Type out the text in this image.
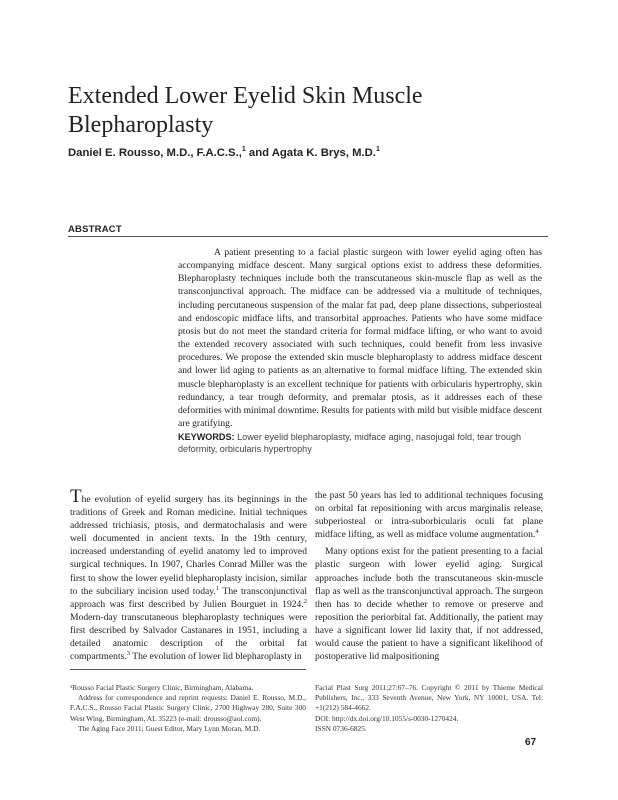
Extended Lower Eyelid Skin Muscle Blepharoplasty
Daniel E. Rousso, M.D., F.A.C.S.,$^1$ and Agata K. Brys, M.D.$^1$
ABSTRACT
A patient presenting to a facial plastic surgeon with lower eyelid aging often has accompanying midface descent. Many surgical options exist to address these deformities. Blepharoplasty techniques include both the transcutaneous skin-muscle flap as well as the transconjunctival approach. The midface can be addressed via a multitude of techniques, including percutaneous suspension of the malar fat pad, deep plane dissections, subperiosteal and endoscopic midface lifts, and transorbital approaches. Patients who have some midface ptosis but do not meet the standard criteria for formal midface lifting, or who want to avoid the extended recovery associated with such techniques, could benefit from less invasive procedures. We propose the extended skin muscle blepharoplasty to address midface descent and lower lid aging to patients as an alternative to formal midface lifting. The extended skin muscle blepharoplasty is an excellent technique for patients with orbicularis hypertrophy, skin redundancy, a tear trough deformity, and premalar ptosis, as it addresses each of these deformities with minimal downtime. Results for patients with mild but visible midface descent are gratifying.
KEYWORDS: Lower eyelid blepharoplasty, midface aging, nasojugal fold, tear trough deformity, orbicularis hypertrophy
The evolution of eyelid surgery has its beginnings in the traditions of Greek and Roman medicine. Initial techniques addressed trichiasis, ptosis, and dermatochalasis and were well documented in ancient texts. In the 19th century, increased understanding of eyelid anatomy led to improved surgical techniques. In 1907, Charles Conrad Miller was the first to show the lower eyelid blepharoplasty incision, similar to the subciliary incision used today.$^1$ The transconjunctival approach was first described by Julien Bourguet in 1924.$^2$ Modern-day transcutaneous blepharoplasty techniques were first described by Salvador Castanares in 1951, including a detailed anatomic description of the orbital fat compartments.$^3$ The evolution of lower lid blepharoplasty in
the past 50 years has led to additional techniques focusing on orbital fat repositioning with arcus marginalis release, subperiosteal or intra-suborbicularis oculi fat plane midface lifting, as well as midface volume augmentation.$^4$
Many options exist for the patient presenting to a facial plastic surgeon with lower eyelid aging. Surgical approaches include both the transcutaneous skin-muscle flap as well as the transconjunctival approach. The surgeon then has to decide whether to remove or preserve and reposition the periorbital fat. Additionally, the patient may have a significant lower lid laxity that, if not addressed, would cause the patient to have a significant likelihood of postoperative lid malpositioning
¹Rousso Facial Plastic Surgery Clinic, Birmingham, Alabama.
Address for correspondence and reprint requests: Daniel E. Rousso, M.D., F.A.C.S., Rousso Facial Plastic Surgery Clinic, 2700 Highway 280, Suite 300 West Wing, Birmingham, AL 35223 (e-mail: drousso@aol.com).
The Aging Face 2011; Guest Editor, Mary Lynn Moran, M.D.
Facial Plast Surg 2011;27:67–76. Copyright © 2011 by Thieme Medical Publishers, Inc., 333 Seventh Avenue, New York, NY 10001, USA. Tel: +1(212) 584-4662.
DOI: http://dx.doi.org/10.1055/s-0030-1270424.
ISSN 0736-6825.
67
